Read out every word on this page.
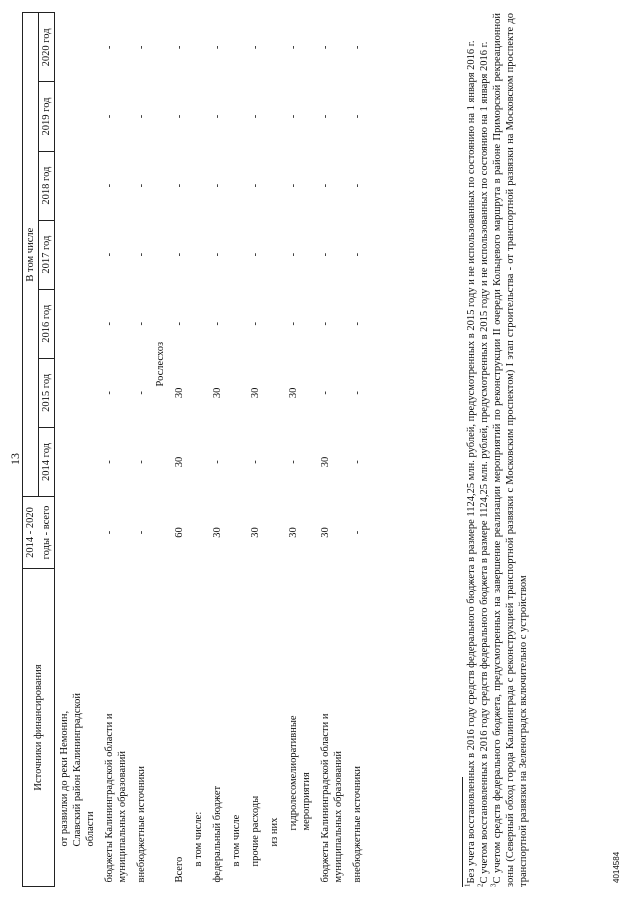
13
Источники финансирования	2014 - 2020	В том числе						
	годы - всего	2014 год	2015 год	2016 год	2017 год	2018 год	2019 год	2020 год
от развилки до реки Немонин,
Славский район Калининградской
области								
бюджеты Калининградской области и
муниципальных образований	-	-	-	-	-	-	-	-
внебюджетные источники	-	-	-	-	-	-	-	-
		Рослесхоз						
Всего	60	30	30	-	-	-	-	-
в том числе:								
федеральный бюджет	30	-	30	-	-	-	-	-
в том числе								
прочие расходы	30	-	30	-	-	-	-	-
из них								
гидролесомелиоративные
мероприятия	30	-	30	-	-	-	-	-
бюджеты Калининградской области и
муниципальных образований	30	30	-	-	-	-	-	-
внебюджетные источники	-	-	-	-	-	-	-	-

$^1$Без учета восстановленных в 2016 году средств федерального бюджета в размере 1124,25 млн. рублей, предусмотренных в 2015 году и не использованных по состоянию на 1 января 2016 г.

$^2$С учетом восстановленных в 2016 году средств федерального бюджета в размере 1124,25 млн. рублей, предусмотренных в 2015 году и не использованных по состоянию на 1 января 2016 г.

$^3$С учетом средств федерального бюджета, предусмотренных на завершение реализации мероприятий по реконструкции II очереди Кольцевого маршрута в районе Приморской рекреационной зоны (Северный обход города Калининграда с реконструкцией транспортной развязки с Московским проспектом) I этап строительства - от транспортной развязки на Московском проспекте до транспортной развязки на Зеленоградск включительно с устройством	4014584
